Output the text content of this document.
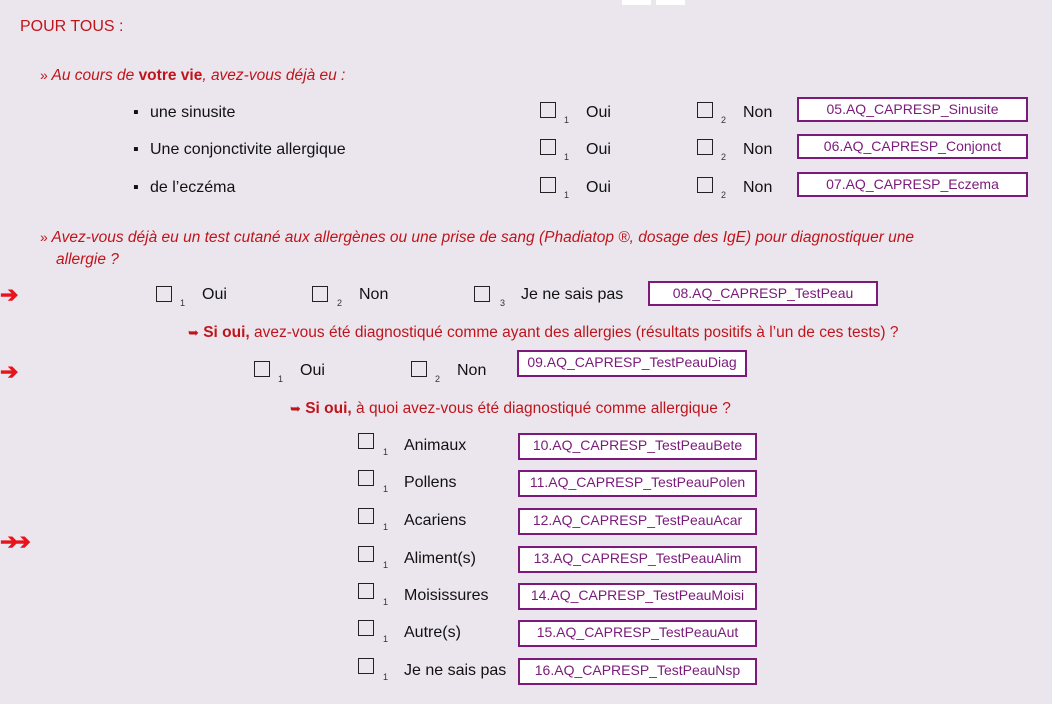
POUR TOUS :
» Au cours de votre vie, avez-vous déjà eu :
▪ une sinusite	1 Oui	2 Non	05.AQ_CAPRESP_Sinusite
▪ Une conjonctivite allergique	1 Oui	2 Non	06.AQ_CAPRESP_Conjonct
▪ de l’eczéma	1 Oui	2 Non	07.AQ_CAPRESP_Eczema
» Avez-vous déjà eu un test cutané aux allergènes ou une prise de sang (Phadiatop ®, dosage des IgE) pour diagnostiquer une
allergie ?
➔	1 Oui	2 Non	3 Je ne sais pas	08.AQ_CAPRESP_TestPeau
➥ Si oui, avez-vous été diagnostiqué comme ayant des allergies (résultats positifs à l’un de ces tests) ?
➔	1 Oui	2 Non	09.AQ_CAPRESP_TestPeauDiag
➥ Si oui, à quoi avez-vous été diagnostiqué comme allergique ?
➔➔
1 Animaux	10.AQ_CAPRESP_TestPeauBete
1 Pollens	11.AQ_CAPRESP_TestPeauPolen
1 Acariens	12.AQ_CAPRESP_TestPeauAcar
1 Aliment(s)	13.AQ_CAPRESP_TestPeauAlim
1 Moisissures	14.AQ_CAPRESP_TestPeauMoisi
1 Autre(s)	15.AQ_CAPRESP_TestPeauAut
1 Je ne sais pas	16.AQ_CAPRESP_TestPeauNsp
